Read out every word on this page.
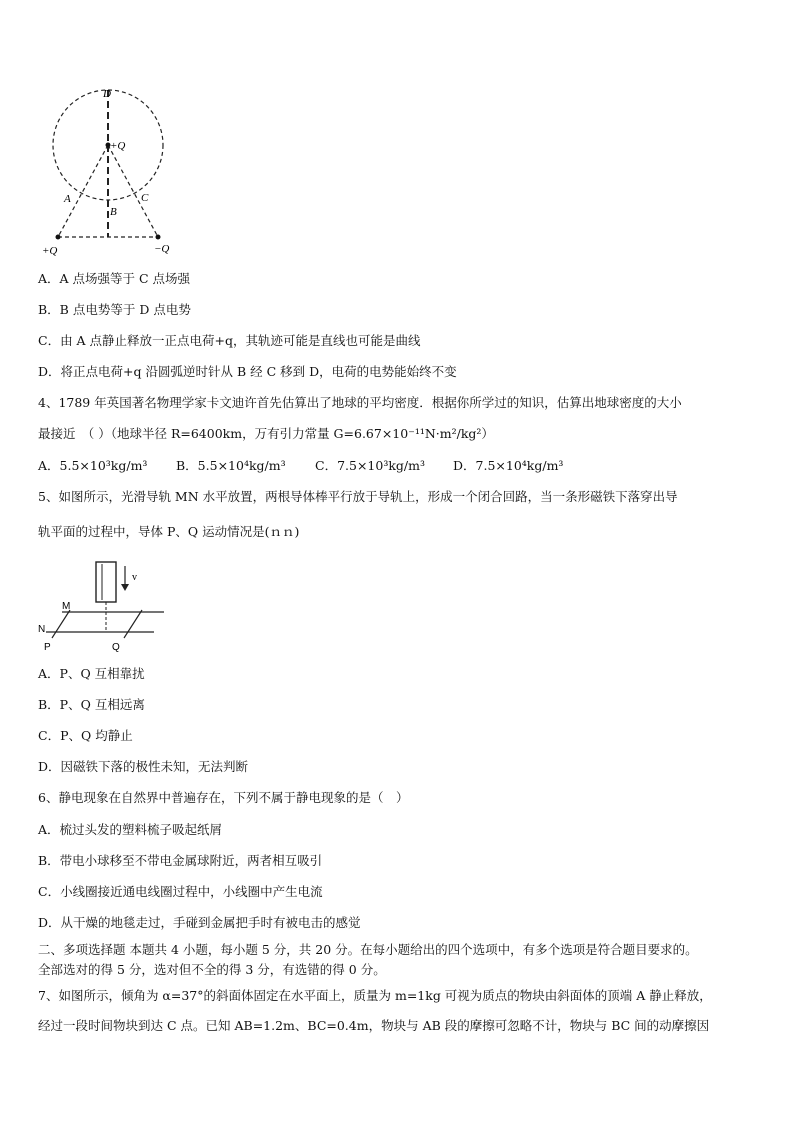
D
+Q
A
B
C
+Q	−Q
A．A 点场强等于 C 点场强
B．B 点电势等于 D 点电势
C．由 A 点静止释放一正点电荷+q，其轨迹可能是直线也可能是曲线
D．将正点电荷+q 沿圆弧逆时针从 B 经 C 移到 D，电荷的电势能始终不变
4、1789 年英国著名物理学家卡文迪许首先估算出了地球的平均密度．根据你所学过的知识，估算出地球密度的大小
最接近　（ ）（地球半径 R=6400km，万有引力常量 G=6.67×10⁻¹¹N·m²/kg²）
A．5.5×10³kg/m³ B．5.5×10⁴kg/m³ C．7.5×10³kg/m³ D．7.5×10⁴kg/m³
5、如图所示，光滑导轨 MN 水平放置，两根导体棒平行放于导轨上，形成一个闭合回路，当一条形磁铁下落穿出导
轨平面的过程中，导体 P、Q 运动情况是(ｎｎ)
v
M
N
P	Q
A．P、Q 互相靠扰
B．P、Q 互相远离
C．P、Q 均静止
D．因磁铁下落的极性未知，无法判断
6、静电现象在自然界中普遍存在，下列不属于静电现象的是（　）
A．梳过头发的塑料梳子吸起纸屑
B．带电小球移至不带电金属球附近，两者相互吸引
C．小线圈接近通电线圈过程中，小线圈中产生电流
D．从干燥的地毯走过，手碰到金属把手时有被电击的感觉
二、多项选择题 本题共 4 小题，每小题 5 分，共 20 分。在每小题给出的四个选项中，有多个选项是符合题目要求的。
全部选对的得 5 分，选对但不全的得 3 分，有选错的得 0 分。
7、如图所示，倾角为 α=37°的斜面体固定在水平面上，质量为 m=1kg 可视为质点的物块由斜面体的顶端 A 静止释放，
经过一段时间物块到达 C 点。已知 AB=1.2m、BC=0.4m，物块与 AB 段的摩擦可忽略不计，物块与 BC 间的动摩擦因
